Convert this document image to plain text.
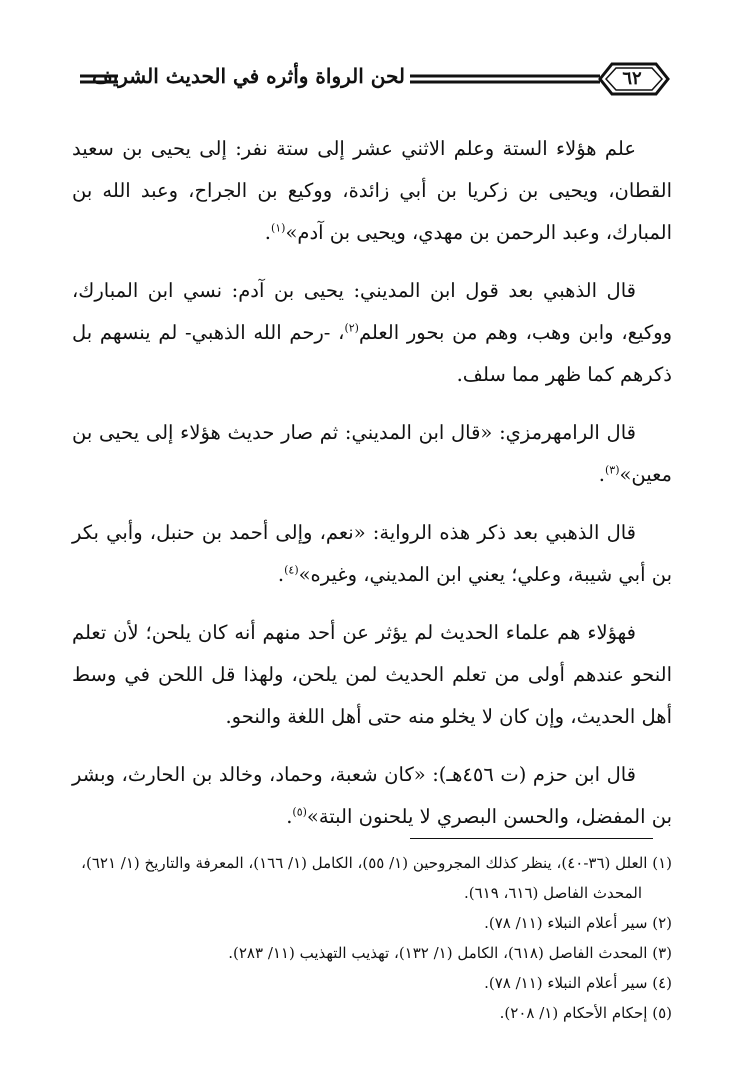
لحن الرواة وأثره في الحديث الشريف	٦٢

علم هؤلاء الستة وعلم الاثني عشر إلى ستة نفر: إلى يحيى بن سعيد القطان، ويحيى بن زكريا بن أبي زائدة، ووكيع بن الجراح، وعبد الله بن المبارك، وعبد الرحمن بن مهدي، ويحيى بن آدم»$^{(١)}$.

قال الذهبي بعد قول ابن المديني: يحيى بن آدم: نسي ابن المبارك، ووكيع، وابن وهب، وهم من بحور العلم$^{(٢)}$، -رحم الله الذهبي- لم ينسهم بل ذكرهم كما ظهر مما سلف.

قال الرامهرمزي: «قال ابن المديني: ثم صار حديث هؤلاء إلى يحيى بن معين»$^{(٣)}$.

قال الذهبي بعد ذكر هذه الرواية: «نعم، وإلى أحمد بن حنبل، وأبي بكر بن أبي شيبة، وعلي؛ يعني ابن المديني، وغيره»$^{(٤)}$.

فهؤلاء هم علماء الحديث لم يؤثر عن أحد منهم أنه كان يلحن؛ لأن تعلم النحو عندهم أولى من تعلم الحديث لمن يلحن، ولهذا قل اللحن في وسط أهل الحديث، وإن كان لا يخلو منه حتى أهل اللغة والنحو.

قال ابن حزم (ت ٤٥٦هـ): «كان شعبة، وحماد، وخالد بن الحارث، وبشر بن المفضل، والحسن البصري لا يلحنون البتة»$^{(٥)}$.

(١) العلل (٣٦-٤٠)، ينظر كذلك المجروحين (١/ ٥٥)، الكامل (١/ ١٦٦)، المعرفة والتاريخ (١/ ٦٢١)، المحدث الفاصل (٦١٦، ٦١٩).

(٢) سير أعلام النبلاء (١١/ ٧٨).

(٣) المحدث الفاصل (٦١٨)، الكامل (١/ ١٣٢)، تهذيب التهذيب (١١/ ٢٨٣).

(٤) سير أعلام النبلاء (١١/ ٧٨).

(٥) إحكام الأحكام (١/ ٢٠٨).
